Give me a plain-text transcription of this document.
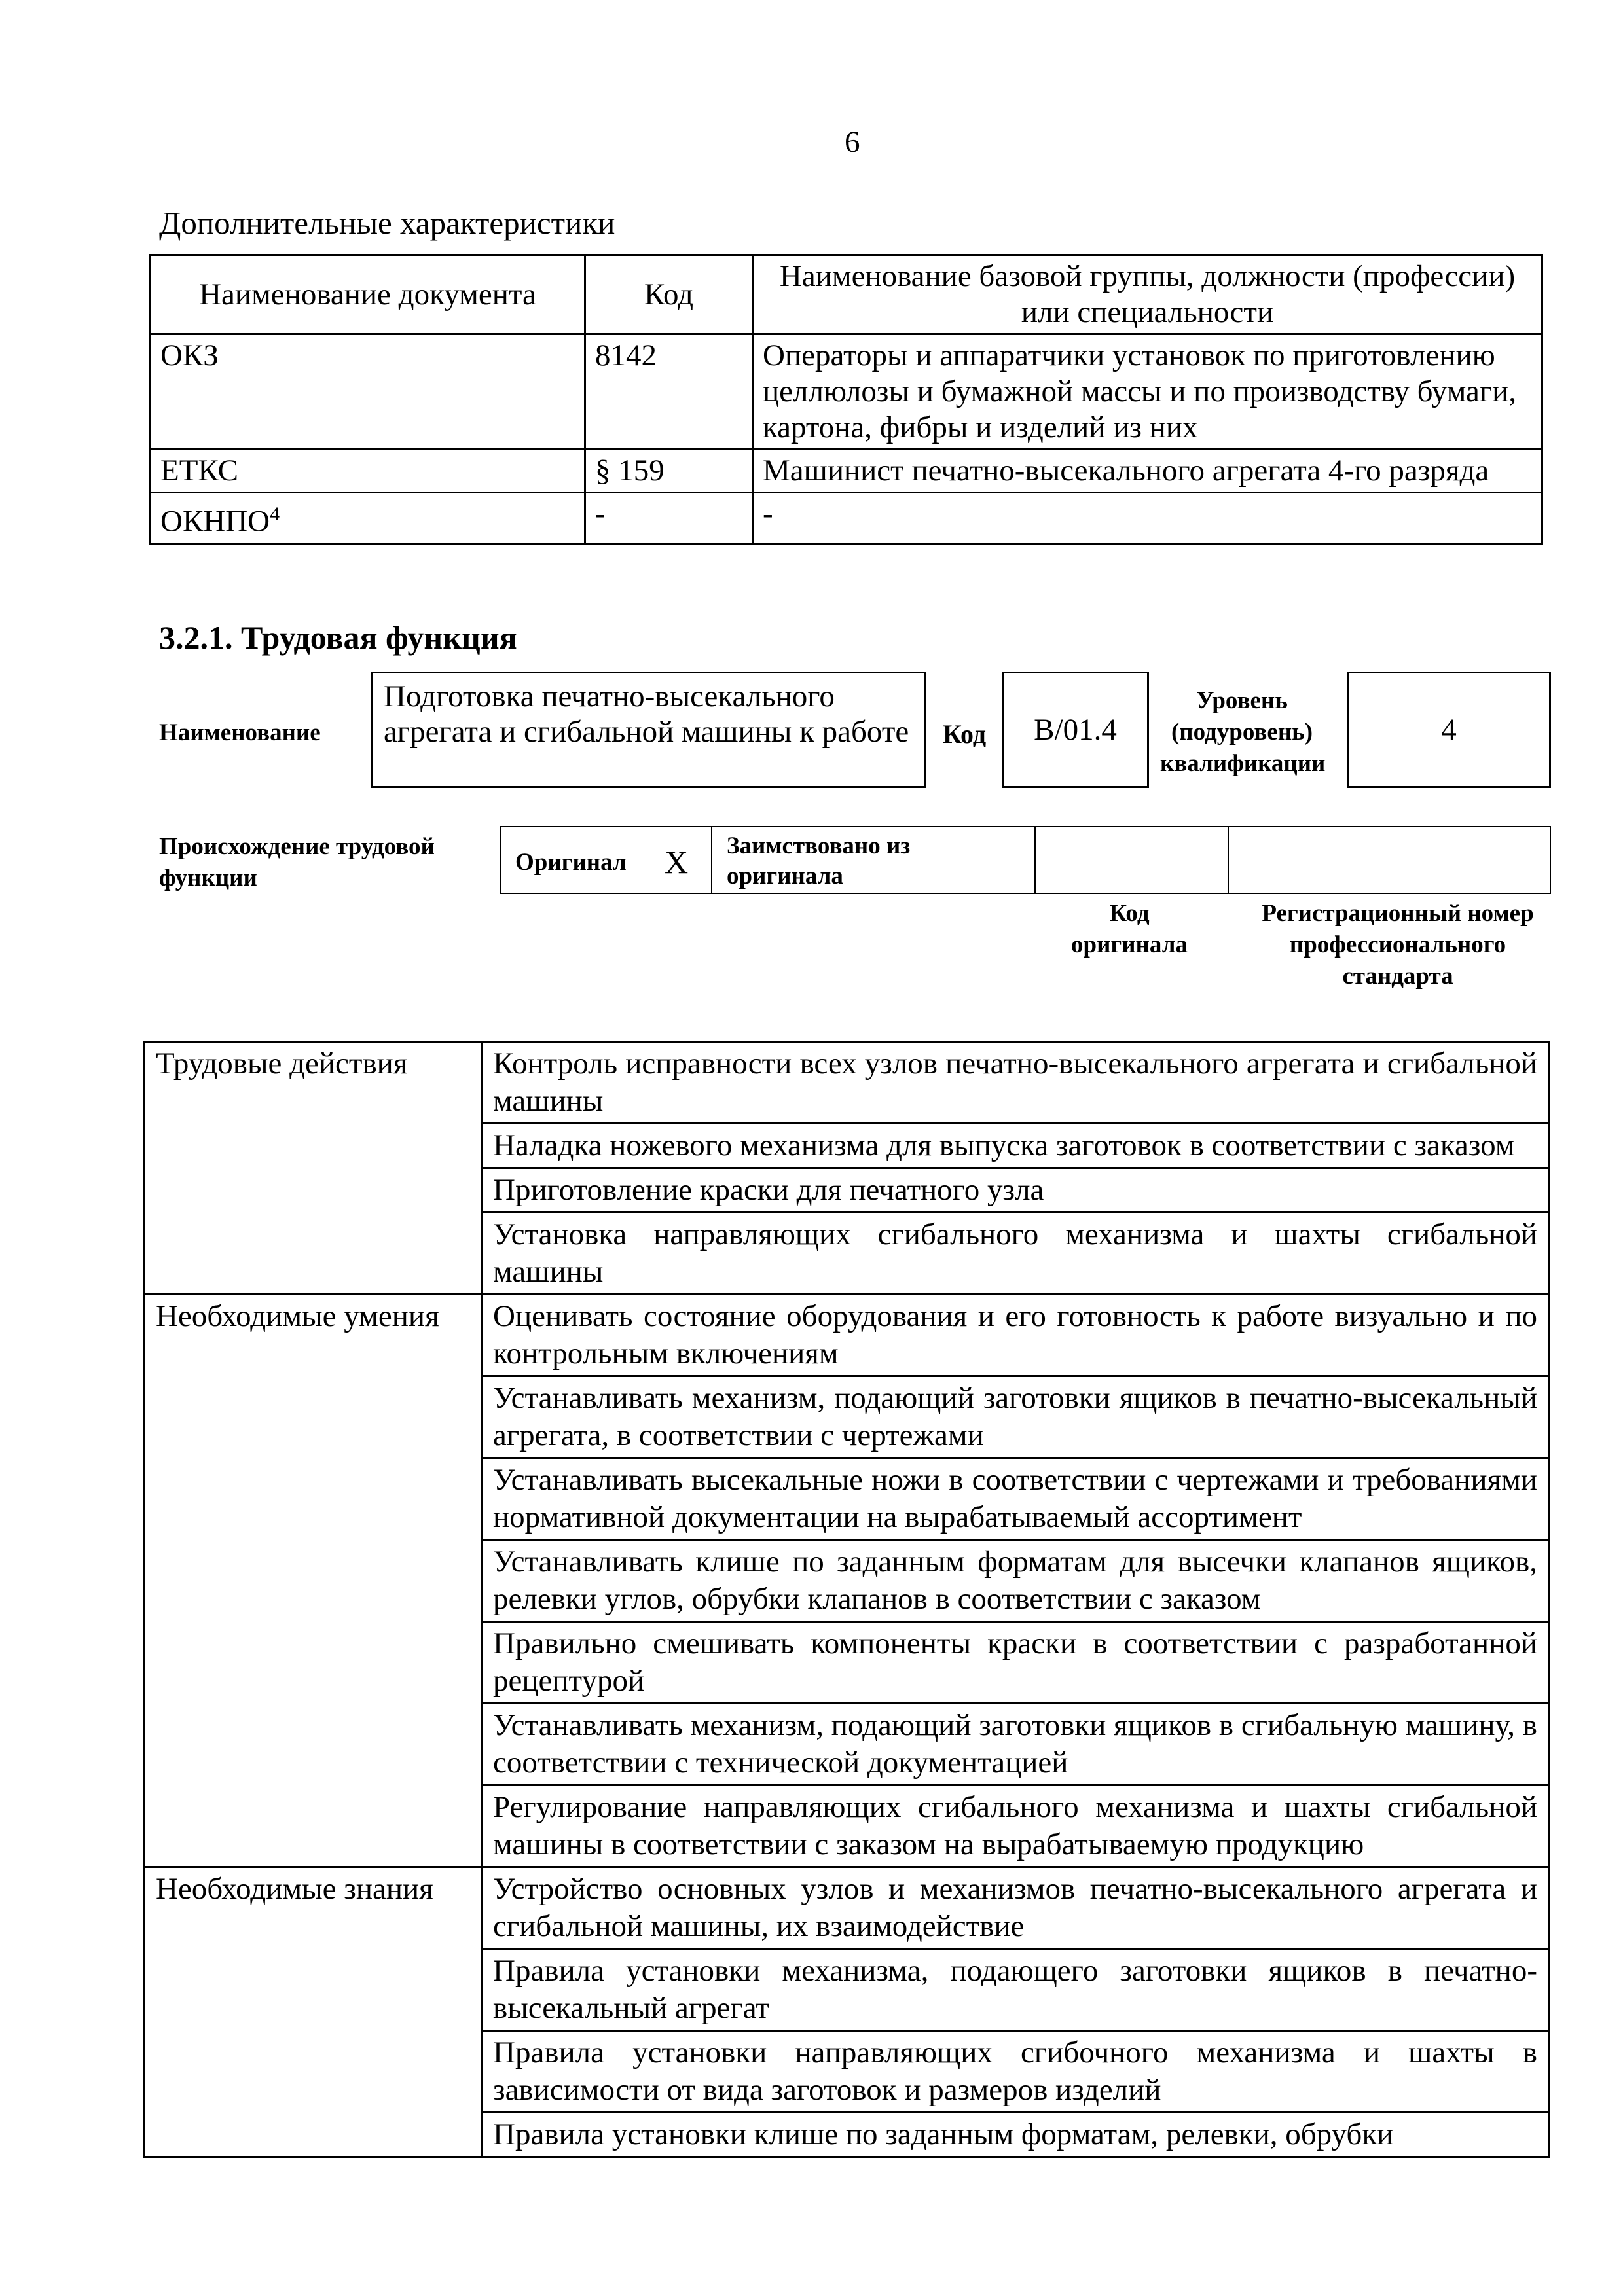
6
Дополнительные характеристики
Наименование документа	Код	Наименование базовой группы, должности (профессии) или специальности
ОКЗ	8142	Операторы и аппаратчики установок по приготовлению целлюлозы и бумажной массы и по производству бумаги, картона, фибры и изделий из них
ЕТКС	§ 159	Машинист печатно-высекального агрегата 4-го разряда
ОКНПО$^4$	-	-
3.2.1. Трудовая функция
Наименование
Подготовка печатно-высекального агрегата и сгибальной машины к работе	Код B/01.4
Уровень (подуровень) квалификации
4
Происхождение трудовой функции
Оригинал X Заимствовано из оригинала
Код оригинала
Регистрационный номер профессионального стандарта
Трудовые действия	Контроль исправности всех узлов печатно-высекального агрегата и сгибальной машины
	Наладка ножевого механизма для выпуска заготовок в соответствии с заказом
	Приготовление краски для печатного узла
	Установка направляющих сгибального механизма и шахты сгибальной машины
Необходимые умения	Оценивать состояние оборудования и его готовность к работе визуально и по контрольным включениям
	Устанавливать механизм, подающий заготовки ящиков в печатно-высекальный агрегата, в соответствии с чертежами
	Устанавливать высекальные ножи в соответствии с чертежами и требованиями нормативной документации на вырабатываемый ассортимент
	Устанавливать клише по заданным форматам для высечки клапанов ящиков, релевки углов, обрубки клапанов в соответствии с заказом
	Правильно смешивать компоненты краски в соответствии с разработанной рецептурой
	Устанавливать механизм, подающий заготовки ящиков в сгибальную машину, в соответствии с технической документацией
	Регулирование направляющих сгибального механизма и шахты сгибальной машины в соответствии с заказом на вырабатываемую продукцию
Необходимые знания	Устройство основных узлов и механизмов печатно-высекального агрегата и сгибальной машины, их взаимодействие
	Правила установки механизма, подающего заготовки ящиков в печатно-высекальный агрегат
	Правила установки направляющих сгибочного механизма и шахты в зависимости от вида заготовок и размеров изделий
	Правила установки клише по заданным форматам, релевки, обрубки
